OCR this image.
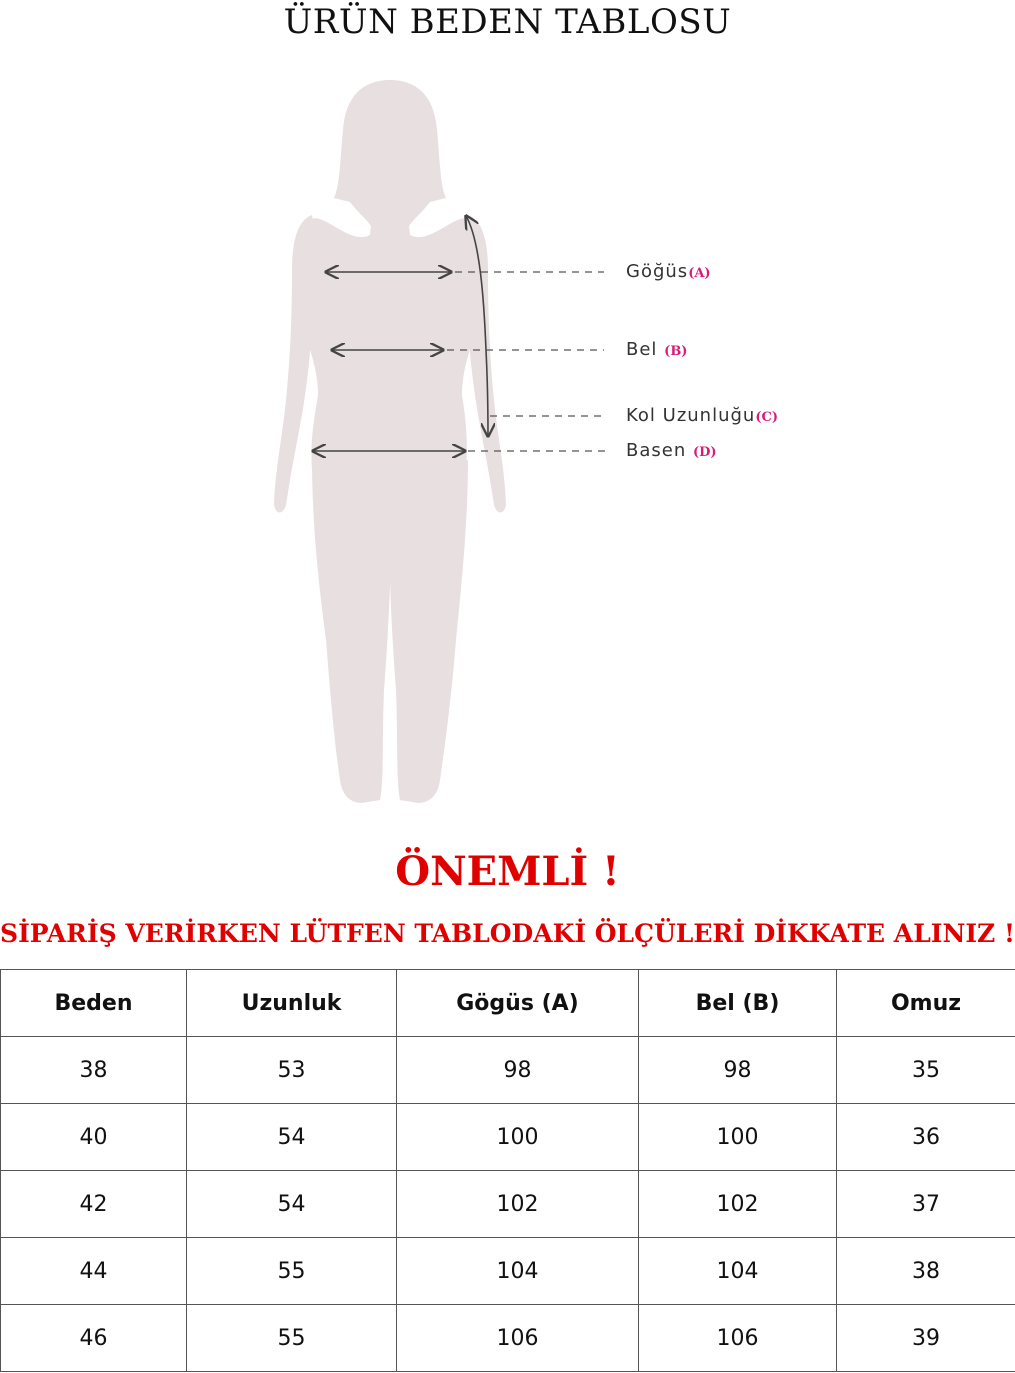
ÜRÜN BEDEN TABLOSU
Göğüs(A)
Bel (B)
Kol Uzunluğu(C)
Basen (D)
ÖNEMLİ !
SİPARİŞ VERİRKEN LÜTFEN TABLODAKİ ÖLÇÜLERİ DİKKATE ALINIZ !
Beden	Uzunluk	Gögüs (A)	Bel (B)	Omuz
38	53	98	98	35
40	54	100	100	36
42	54	102	102	37
44	55	104	104	38
46	55	106	106	39
